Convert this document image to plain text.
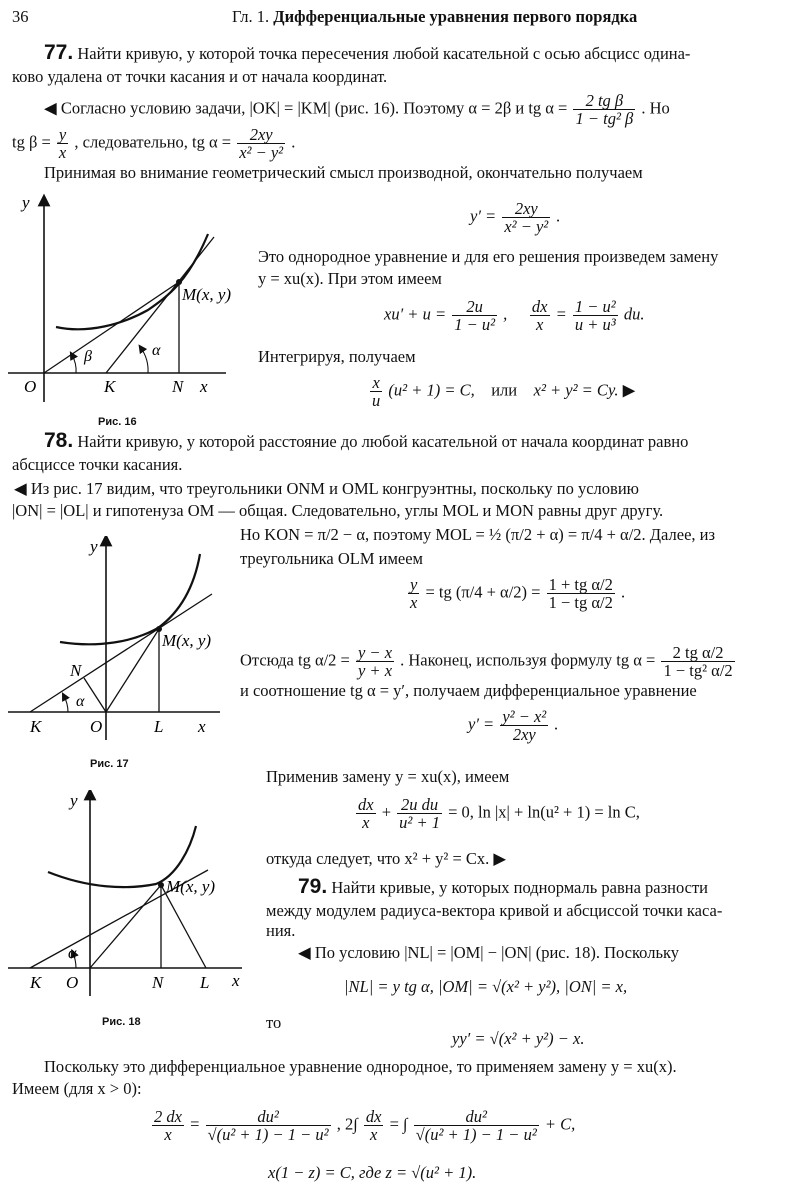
36	Гл. 1. Дифференциальные уравнения первого порядка
77. Найти кривую, у которой точка пересечения любой касательной с осью абсцисс одина-
ково удалена от точки касания и от начала координат.
◀ Согласно условию задачи, |OK| = |KM| (рис. 16). Поэтому α = 2β и tg $\alpha = \frac{\text{2 tg β}}{\text{1 − tg² β}}$ . Но
tg $\beta = \frac{y}{x}$ , следовательно, tg $\alpha = \frac{2xy}{\text{x² − y²}}$ .
Принимая во внимание геометрический смысл производной, окончательно получаем
y
x
O	K	N
M(x, y)
α
β
Рис. 16
$y' = \frac{2xy}{\text{x² − y²}}$ .
Это однородное уравнение и для его решения произведем замену
y = xu(x). При этом имеем
$xu' + u = \frac{2u}{\text{1 − u²}}$ , $\frac{dx}{x} = \frac{\text{1 − u²}}{\text{u + u³}}$ du.
Интегрируя, получаем
$\frac{x}{u} (u^2 + 1) = C$, или x² + y² = Cy. ▶
78. Найти кривую, у которой расстояние до любой касательной от начала координат равно
абсциссе точки касания.
◀ Из рис. 17 видим, что треугольники ONM и OML конгруэнтны, поскольку по условию
|ON| = |OL| и гипотенуза OM — общая. Следовательно, углы MOL и MON равны друг другу.
Но KON = π/2 − α, поэтому MOL = ½ (π/2 + α) = π/4 + α/2. Далее, из
треугольника OLM имеем
$\frac{y}{x}$ = tg $(\pi/4 + \alpha/2) = \frac{\text{1 + tg α/2}}{\text{1 − tg α/2}}$ .
Отсюда tg $\alpha/2 = \frac{y - x}{y + x}$ . Наконец, используя формулу tg $\alpha = \frac{\text{2 tg α/2}}{\text{1 − tg² α/2}}$
и соотношение tg α = y′, получаем дифференциальное уравнение
$y' = \frac{\text{y² − x²}}{2xy}$ .
Применив замену y = xu(x), имеем
$\frac{dx}{x} + \frac{\text{2u du}}{\text{u² + 1}} = 0$, ln |x| + ln(u² + 1) = ln C,
откуда следует, что x² + y² = Cx. ▶
y
x
O
K	L
N
M(x, y)
α
Рис. 17
79. Найти кривые, у которых поднормаль равна разности
между модулем радиуса-вектора кривой и абсциссой точки каса-
ния.
◀ По условию |NL| = |OM| − |ON| (рис. 18). Поскольку
|NL| = y tg α, |OM| = √(x² + y²), |ON| = x,
то
yy′ = √(x² + y²) − x.
y
x
O
K	N L
M(x, y)
α
Рис. 18
Поскольку это дифференциальное уравнение однородное, то применяем замену y = xu(x).
Имеем (для x > 0):
$\frac{2 dx}{x} = \frac{\text{du²}}{\text{√(u² + 1) − 1 − u²}}$ , $2\int \frac{dx}{x}$ = ∫ $\frac{\text{du²}}{\text{√(u² + 1) − 1 − u²}} + C$,
x(1 − z) = C, где z = √(u² + 1).
